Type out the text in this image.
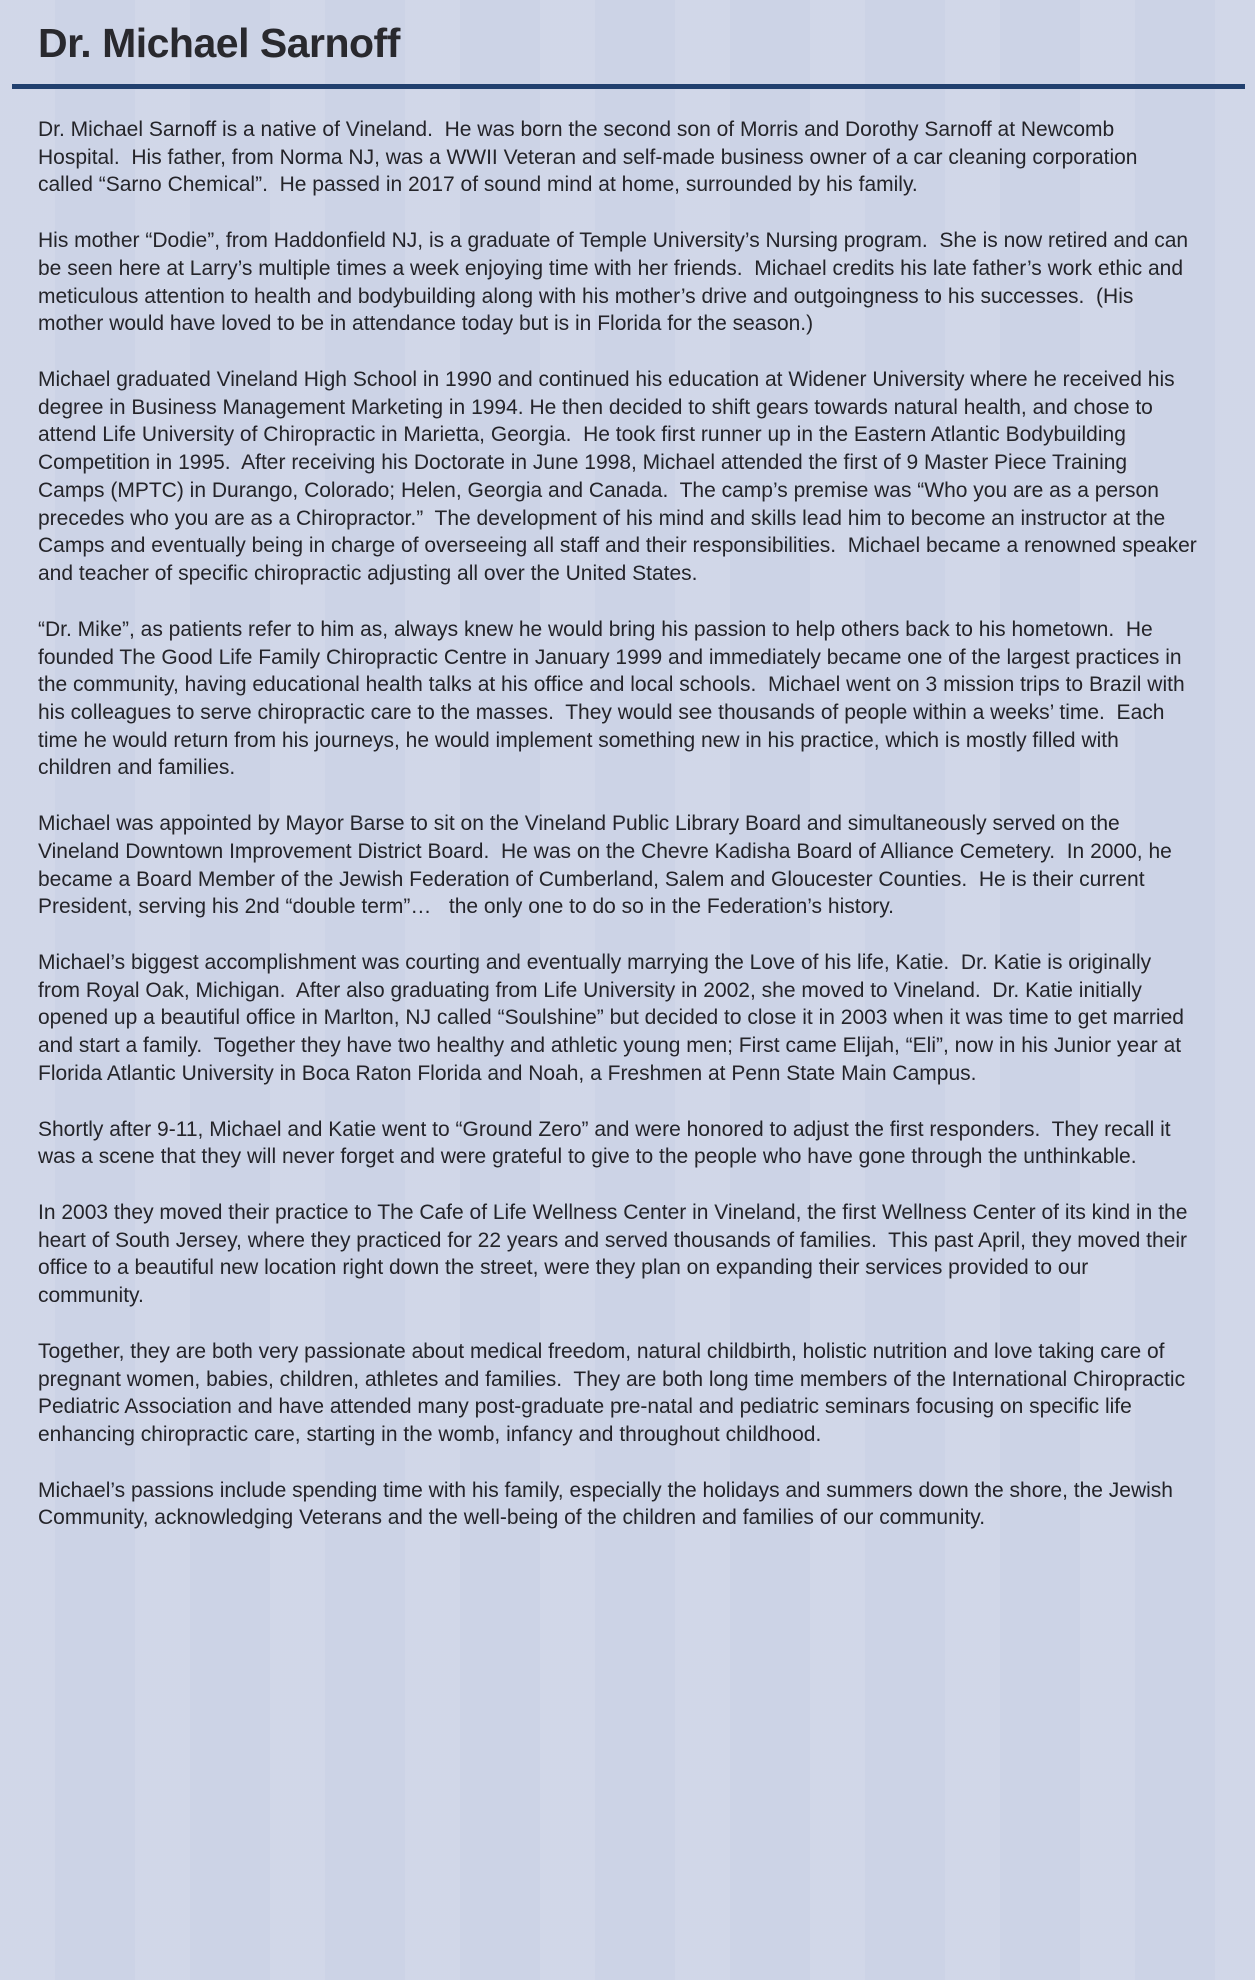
Dr. Michael Sarnoff

Dr. Michael Sarnoff is a native of Vineland.  He was born the second son of Morris and Dorothy Sarnoff at Newcomb Hospital.  His father, from Norma NJ, was a WWII Veteran and self-made business owner of a car cleaning corporation called “Sarno Chemical”.  He passed in 2017 of sound mind at home, surrounded by his family.

His mother “Dodie”, from Haddonfield NJ, is a graduate of Temple University’s Nursing program.  She is now retired and can be seen here at Larry’s multiple times a week enjoying time with her friends.  Michael credits his late father’s work ethic and meticulous attention to health and bodybuilding along with his mother’s drive and outgoingness to his successes.  (His mother would have loved to be in attendance today but is in Florida for the season.)

Michael graduated Vineland High School in 1990 and continued his education at Widener University where he received his degree in Business Management Marketing in 1994. He then decided to shift gears towards natural health, and chose to attend Life University of Chiropractic in Marietta, Georgia.  He took first runner up in the Eastern Atlantic Bodybuilding Competition in 1995.  After receiving his Doctorate in June 1998, Michael attended the first of 9 Master Piece Training Camps (MPTC) in Durango, Colorado; Helen, Georgia and Canada.  The camp’s premise was “Who you are as a person precedes who you are as a Chiropractor.”  The development of his mind and skills lead him to become an instructor at the Camps and eventually being in charge of overseeing all staff and their responsibilities.  Michael became a renowned speaker and teacher of specific chiropractic adjusting all over the United States.

“Dr. Mike”, as patients refer to him as, always knew he would bring his passion to help others back to his hometown.  He founded The Good Life Family Chiropractic Centre in January 1999 and immediately became one of the largest practices in the community, having educational health talks at his office and local schools.  Michael went on 3 mission trips to Brazil with his colleagues to serve chiropractic care to the masses.  They would see thousands of people within a weeks’ time.  Each time he would return from his journeys, he would implement something new in his practice, which is mostly filled with children and families.

Michael was appointed by Mayor Barse to sit on the Vineland Public Library Board and simultaneously served on the Vineland Downtown Improvement District Board.  He was on the Chevre Kadisha Board of Alliance Cemetery.  In 2000, he became a Board Member of the Jewish Federation of Cumberland, Salem and Gloucester Counties.  He is their current President, serving his 2nd “double term”…   the only one to do so in the Federation’s history.

Michael’s biggest accomplishment was courting and eventually marrying the Love of his life, Katie.  Dr. Katie is originally from Royal Oak, Michigan.  After also graduating from Life University in 2002, she moved to Vineland.  Dr. Katie initially opened up a beautiful office in Marlton, NJ called “Soulshine” but decided to close it in 2003 when it was time to get married and start a family.  Together they have two healthy and athletic young men; First came Elijah, “Eli”, now in his Junior year at Florida Atlantic University in Boca Raton Florida and Noah, a Freshmen at Penn State Main Campus.

Shortly after 9-11, Michael and Katie went to “Ground Zero” and were honored to adjust the first responders.  They recall it was a scene that they will never forget and were grateful to give to the people who have gone through the unthinkable.

In 2003 they moved their practice to The Cafe of Life Wellness Center in Vineland, the first Wellness Center of its kind in the heart of South Jersey, where they practiced for 22 years and served thousands of families.  This past April, they moved their office to a beautiful new location right down the street, were they plan on expanding their services provided to our community.

Together, they are both very passionate about medical freedom, natural childbirth, holistic nutrition and love taking care of pregnant women, babies, children, athletes and families.  They are both long time members of the International Chiropractic Pediatric Association and have attended many post-graduate pre-natal and pediatric seminars focusing on specific life enhancing chiropractic care, starting in the womb, infancy and throughout childhood.

Michael’s passions include spending time with his family, especially the holidays and summers down the shore, the Jewish Community, acknowledging Veterans and the well-being of the children and families of our community.
